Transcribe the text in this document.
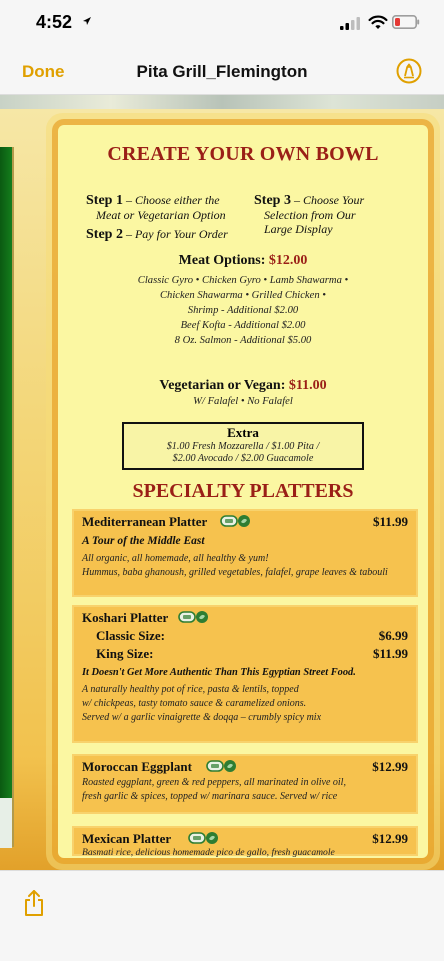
4:52
Done	Pita Grill_Flemington
CREATE YOUR OWN BOWL
Step 1 – Choose either the
Meat or Vegetarian Option
Step 2 – Pay for Your Order
Step 3 – Choose Your
Selection from Our
Large Display
Meat Options: $12.00
Classic Gyro • Chicken Gyro • Lamb Shawarma •
Chicken Shawarma • Grilled Chicken •
Shrimp - Additional $2.00
Beef Kofta - Additional $2.00
8 Oz. Salmon - Additional $5.00
Vegetarian or Vegan: $11.00
W/ Falafel • No Falafel
Extra
$1.00 Fresh Mozzarella / $1.00 Pita /
$2.00 Avocado / $2.00 Guacamole
SPECIALTY PLATTERS
Mediterranean Platter	$11.99
A Tour of the Middle East
All organic, all homemade, all healthy & yum!
Hummus, baba ghanoush, grilled vegetables, falafel, grape leaves & tabouli
Koshari Platter
Classic Size:	$6.99
King Size:	$11.99
It Doesn't Get More Authentic Than This Egyptian Street Food.
A naturally healthy pot of rice, pasta & lentils, topped
w/ chickpeas, tasty tomato sauce & caramelized onions.
Served w/ a garlic vinaigrette & doqqa – crumbly spicy mix
Moroccan Eggplant	$12.99
Roasted eggplant, green & red peppers, all marinated in olive oil,
fresh garlic & spices, topped w/ marinara sauce. Served w/ rice
Mexican Platter	$12.99
Basmati rice, delicious homemade pico de gallo, fresh guacamole
